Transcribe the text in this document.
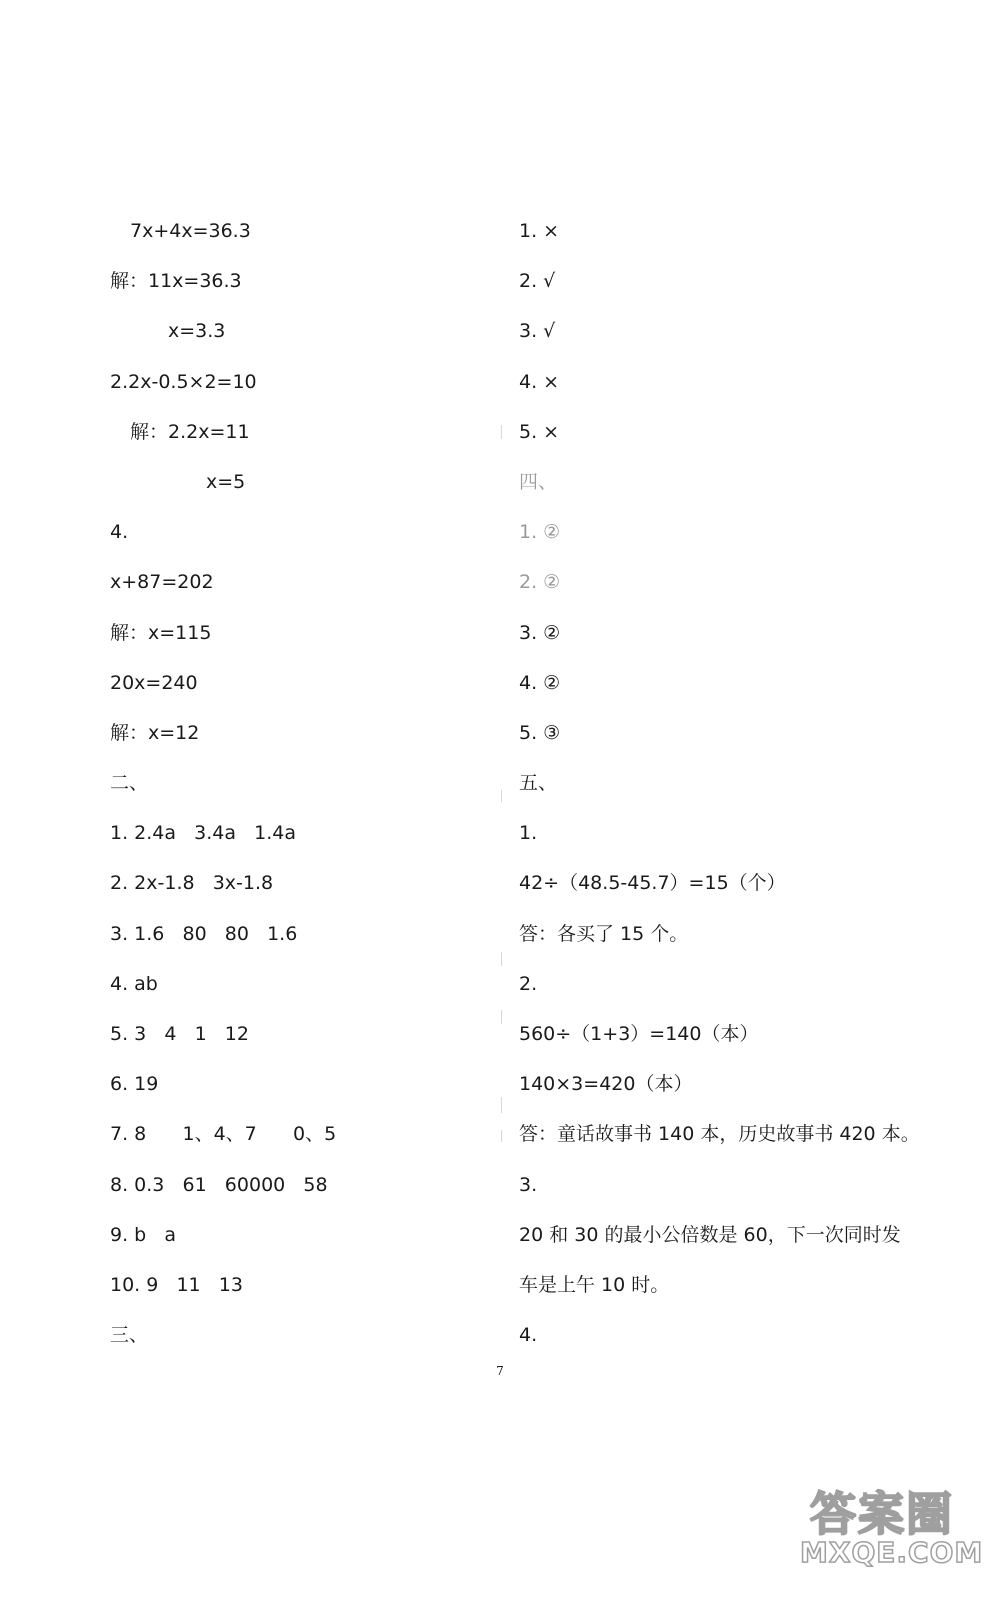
7x+4x=36.3
解：11x=36.3
x=3.3
2.2x-0.5×2=10
解：2.2x=11
x=5
4.
x+87=202
解：x=115
20x=240
解：x=12
二、
1. 2.4a   3.4a   1.4a
2. 2x-1.8   3x-1.8
3. 1.6   80   80   1.6
4. ab
5. 3   4   1   12
6. 19
7. 8      1、4、7      0、5
8. 0.3   61   60000   58
9. b   a
10. 9   11   13
三、
1. ×
2. √
3. √
4. ×
5. ×
四、
1. ②
2. ②
3. ②
4. ②
5. ③
五、
1.
42÷（48.5-45.7）=15（个）
答：各买了 15 个。
2.
560÷（1+3）=140（本）
140×3=420（本）
答：童话故事书 140 本，历史故事书 420 本。
3.
20 和 30 的最小公倍数是 60，下一次同时发
车是上午 10 时。
4.
7
答案圈
MXQE.COM
